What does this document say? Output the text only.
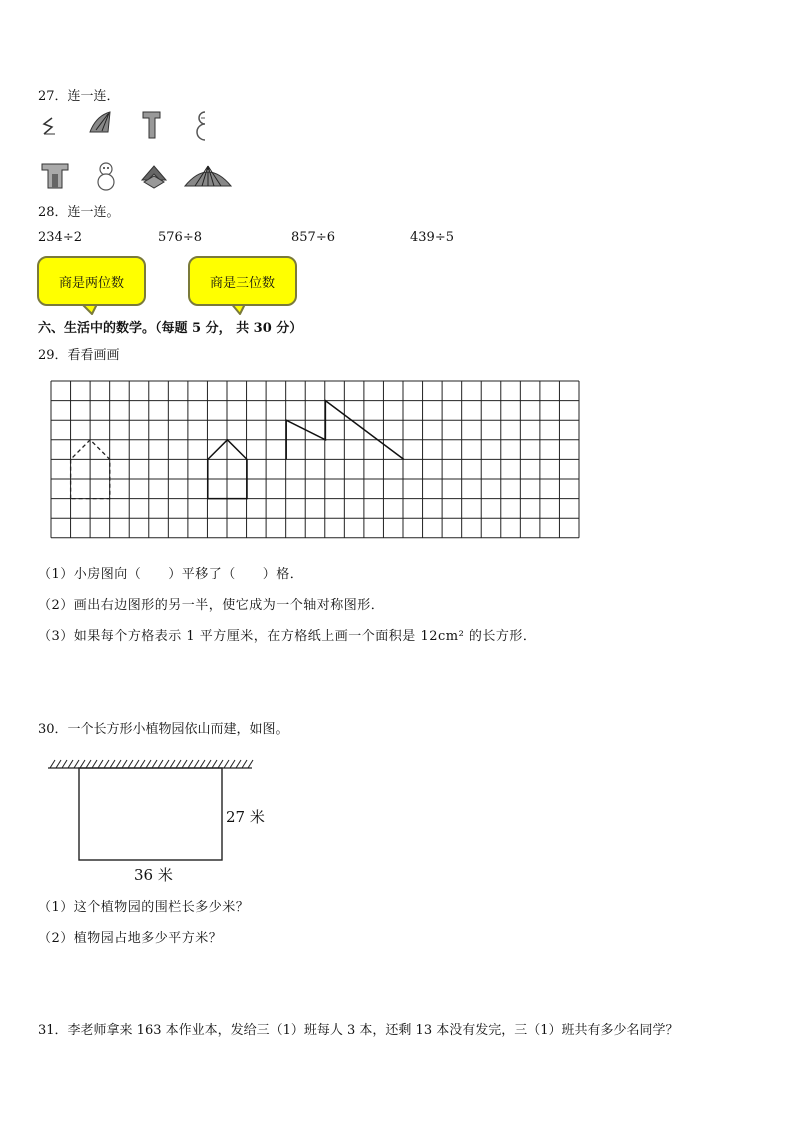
27．连一连．
28．连一连。
234÷2	576÷8	857÷6	439÷5
商是两位数	商是三位数
六、生活中的数学。（每题 5 分， 共 30 分）
29．看看画画
（1）小房图向（　　）平移了（　　）格．
（2）画出右边图形的另一半，使它成为一个轴对称图形．
（3）如果每个方格表示 1 平方厘米，在方格纸上画一个面积是 12cm² 的长方形．
30．一个长方形小植物园依山而建，如图。
27 米
36 米
（1）这个植物园的围栏长多少米？
（2）植物园占地多少平方米？
31．李老师拿来 163 本作业本，发给三（1）班每人 3 本，还剩 13 本没有发完，三（1）班共有多少名同学？
